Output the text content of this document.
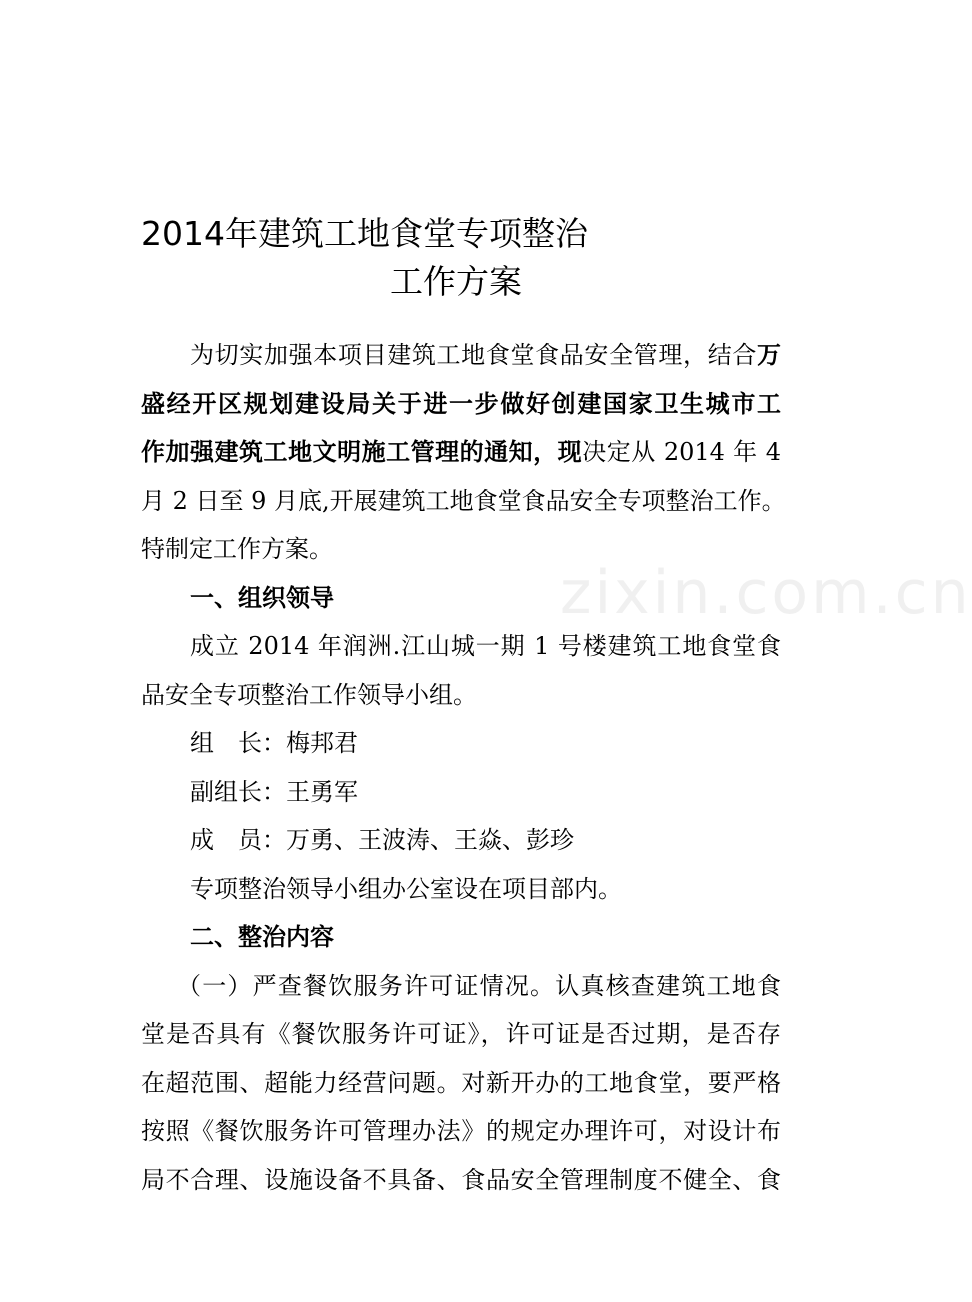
zixin.com.cn
2014年建筑工地食堂专项整治
工作方案
为切实加强本项目建筑工地食堂食品安全管理，结合万
盛经开区规划建设局关于进一步做好创建国家卫生城市工
作加强建筑工地文明施工管理的通知，现决定从 2014 年 4
月 2 日至 9 月底,开展建筑工地食堂食品安全专项整治工作。
特制定工作方案。
一、组织领导
成立 2014 年润洲.江山城一期 1 号楼建筑工地食堂食
品安全专项整治工作领导小组。
组　长：梅邦君
副组长：王勇军
成　员：万勇、王波涛、王焱、彭珍
专项整治领导小组办公室设在项目部内。
二、整治内容
（一）严查餐饮服务许可证情况。认真核查建筑工地食
堂是否具有《餐饮服务许可证》，许可证是否过期，是否存
在超范围、超能力经营问题。对新开办的工地食堂，要严格
按照《餐饮服务许可管理办法》的规定办理许可，对设计布
局不合理、设施设备不具备、食品安全管理制度不健全、食
